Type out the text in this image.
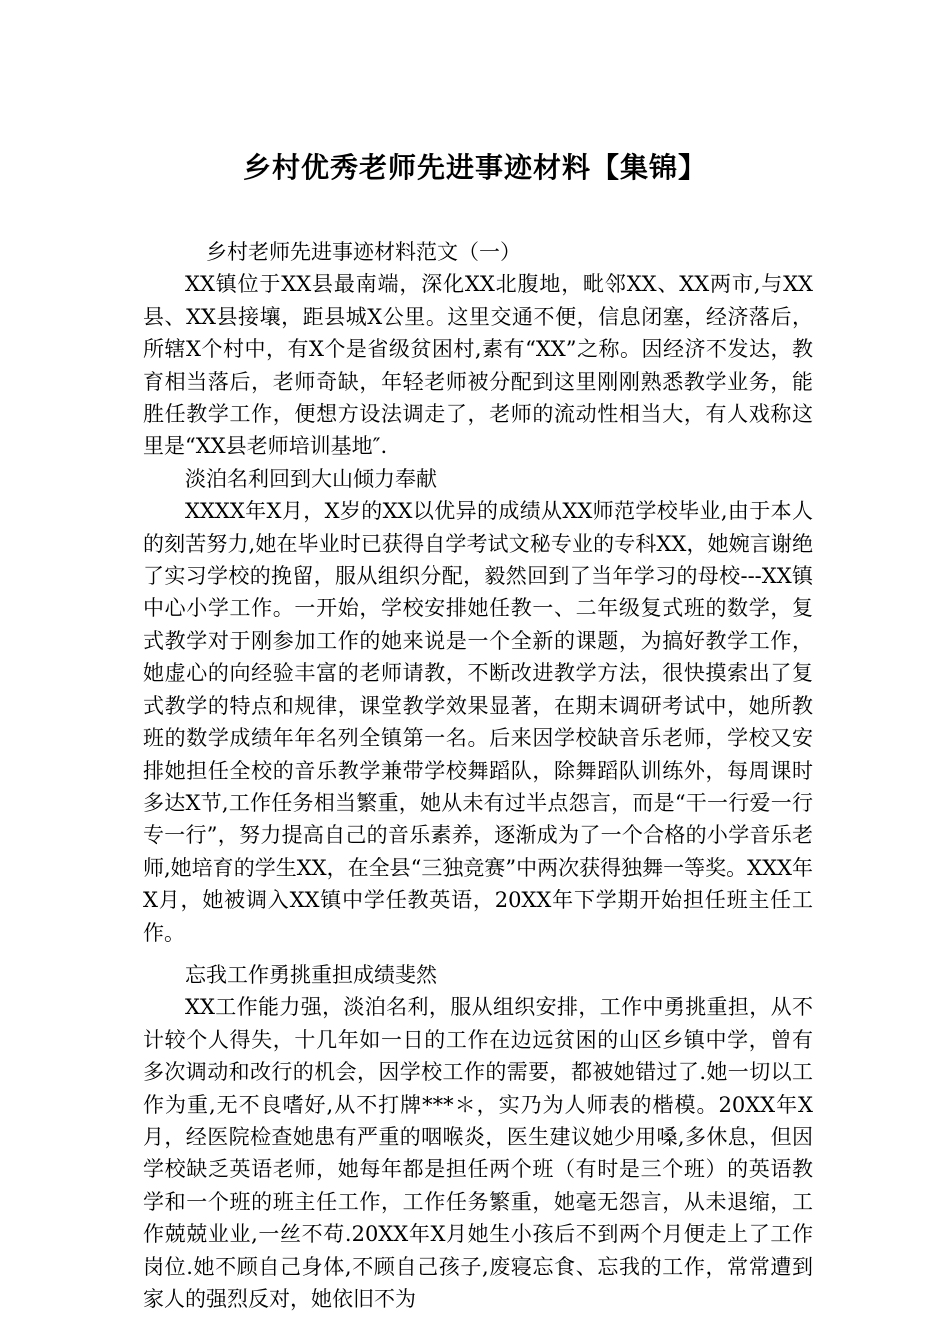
乡村优秀老师先进事迹材料【集锦】

乡村老师先进事迹材料范文（一）

XX镇位于XX县最南端，深化XX北腹地，毗邻XX、XX两市,与XX县、XX县接壤，距县城X公里。这里交通不便，信息闭塞，经济落后，所辖X个村中，有X个是省级贫困村,素有“XX”之称。因经济不发达，教育相当落后，老师奇缺，年轻老师被分配到这里刚刚熟悉教学业务，能胜任教学工作，便想方设法调走了，老师的流动性相当大，有人戏称这里是“XX县老师培训基地″.

淡泊名利回到大山倾力奉献

XXXX年X月，X岁的XX以优异的成绩从XX师范学校毕业,由于本人的刻苦努力,她在毕业时已获得自学考试文秘专业的专科XX，她婉言谢绝了实习学校的挽留，服从组织分配，毅然回到了当年学习的母校---XX镇中心小学工作。一开始，学校安排她任教一、二年级复式班的数学，复式教学对于刚参加工作的她来说是一个全新的课题，为搞好教学工作，她虚心的向经验丰富的老师请教，不断改进教学方法，很快摸索出了复式教学的特点和规律，课堂教学效果显著，在期末调研考试中，她所教班的数学成绩年年名列全镇第一名。后来因学校缺音乐老师，学校又安排她担任全校的音乐教学兼带学校舞蹈队，除舞蹈队训练外，每周课时多达X节,工作任务相当繁重，她从未有过半点怨言，而是“干一行爱一行专一行”，努力提高自己的音乐素养，逐渐成为了一个合格的小学音乐老师,她培育的学生XX，在全县“三独竞赛”中两次获得独舞一等奖。XXX年X月，她被调入XX镇中学任教英语，20XX年下学期开始担任班主任工作。

忘我工作勇挑重担成绩斐然

XX工作能力强，淡泊名利，服从组织安排，工作中勇挑重担，从不计较个人得失，十几年如一日的工作在边远贫困的山区乡镇中学，曾有多次调动和改行的机会，因学校工作的需要，都被她错过了.她一切以工作为重,无不良嗜好,从不打牌***＊，实乃为人师表的楷模。20XX年X月，经医院检查她患有严重的咽喉炎，医生建议她少用嗓,多休息，但因学校缺乏英语老师，她每年都是担任两个班（有时是三个班）的英语教学和一个班的班主任工作，工作任务繁重，她毫无怨言，从未退缩，工作兢兢业业,一丝不苟.20XX年X月她生小孩后不到两个月便走上了工作岗位.她不顾自己身体,不顾自己孩子,废寝忘食、忘我的工作，常常遭到家人的强烈反对，她依旧不为
